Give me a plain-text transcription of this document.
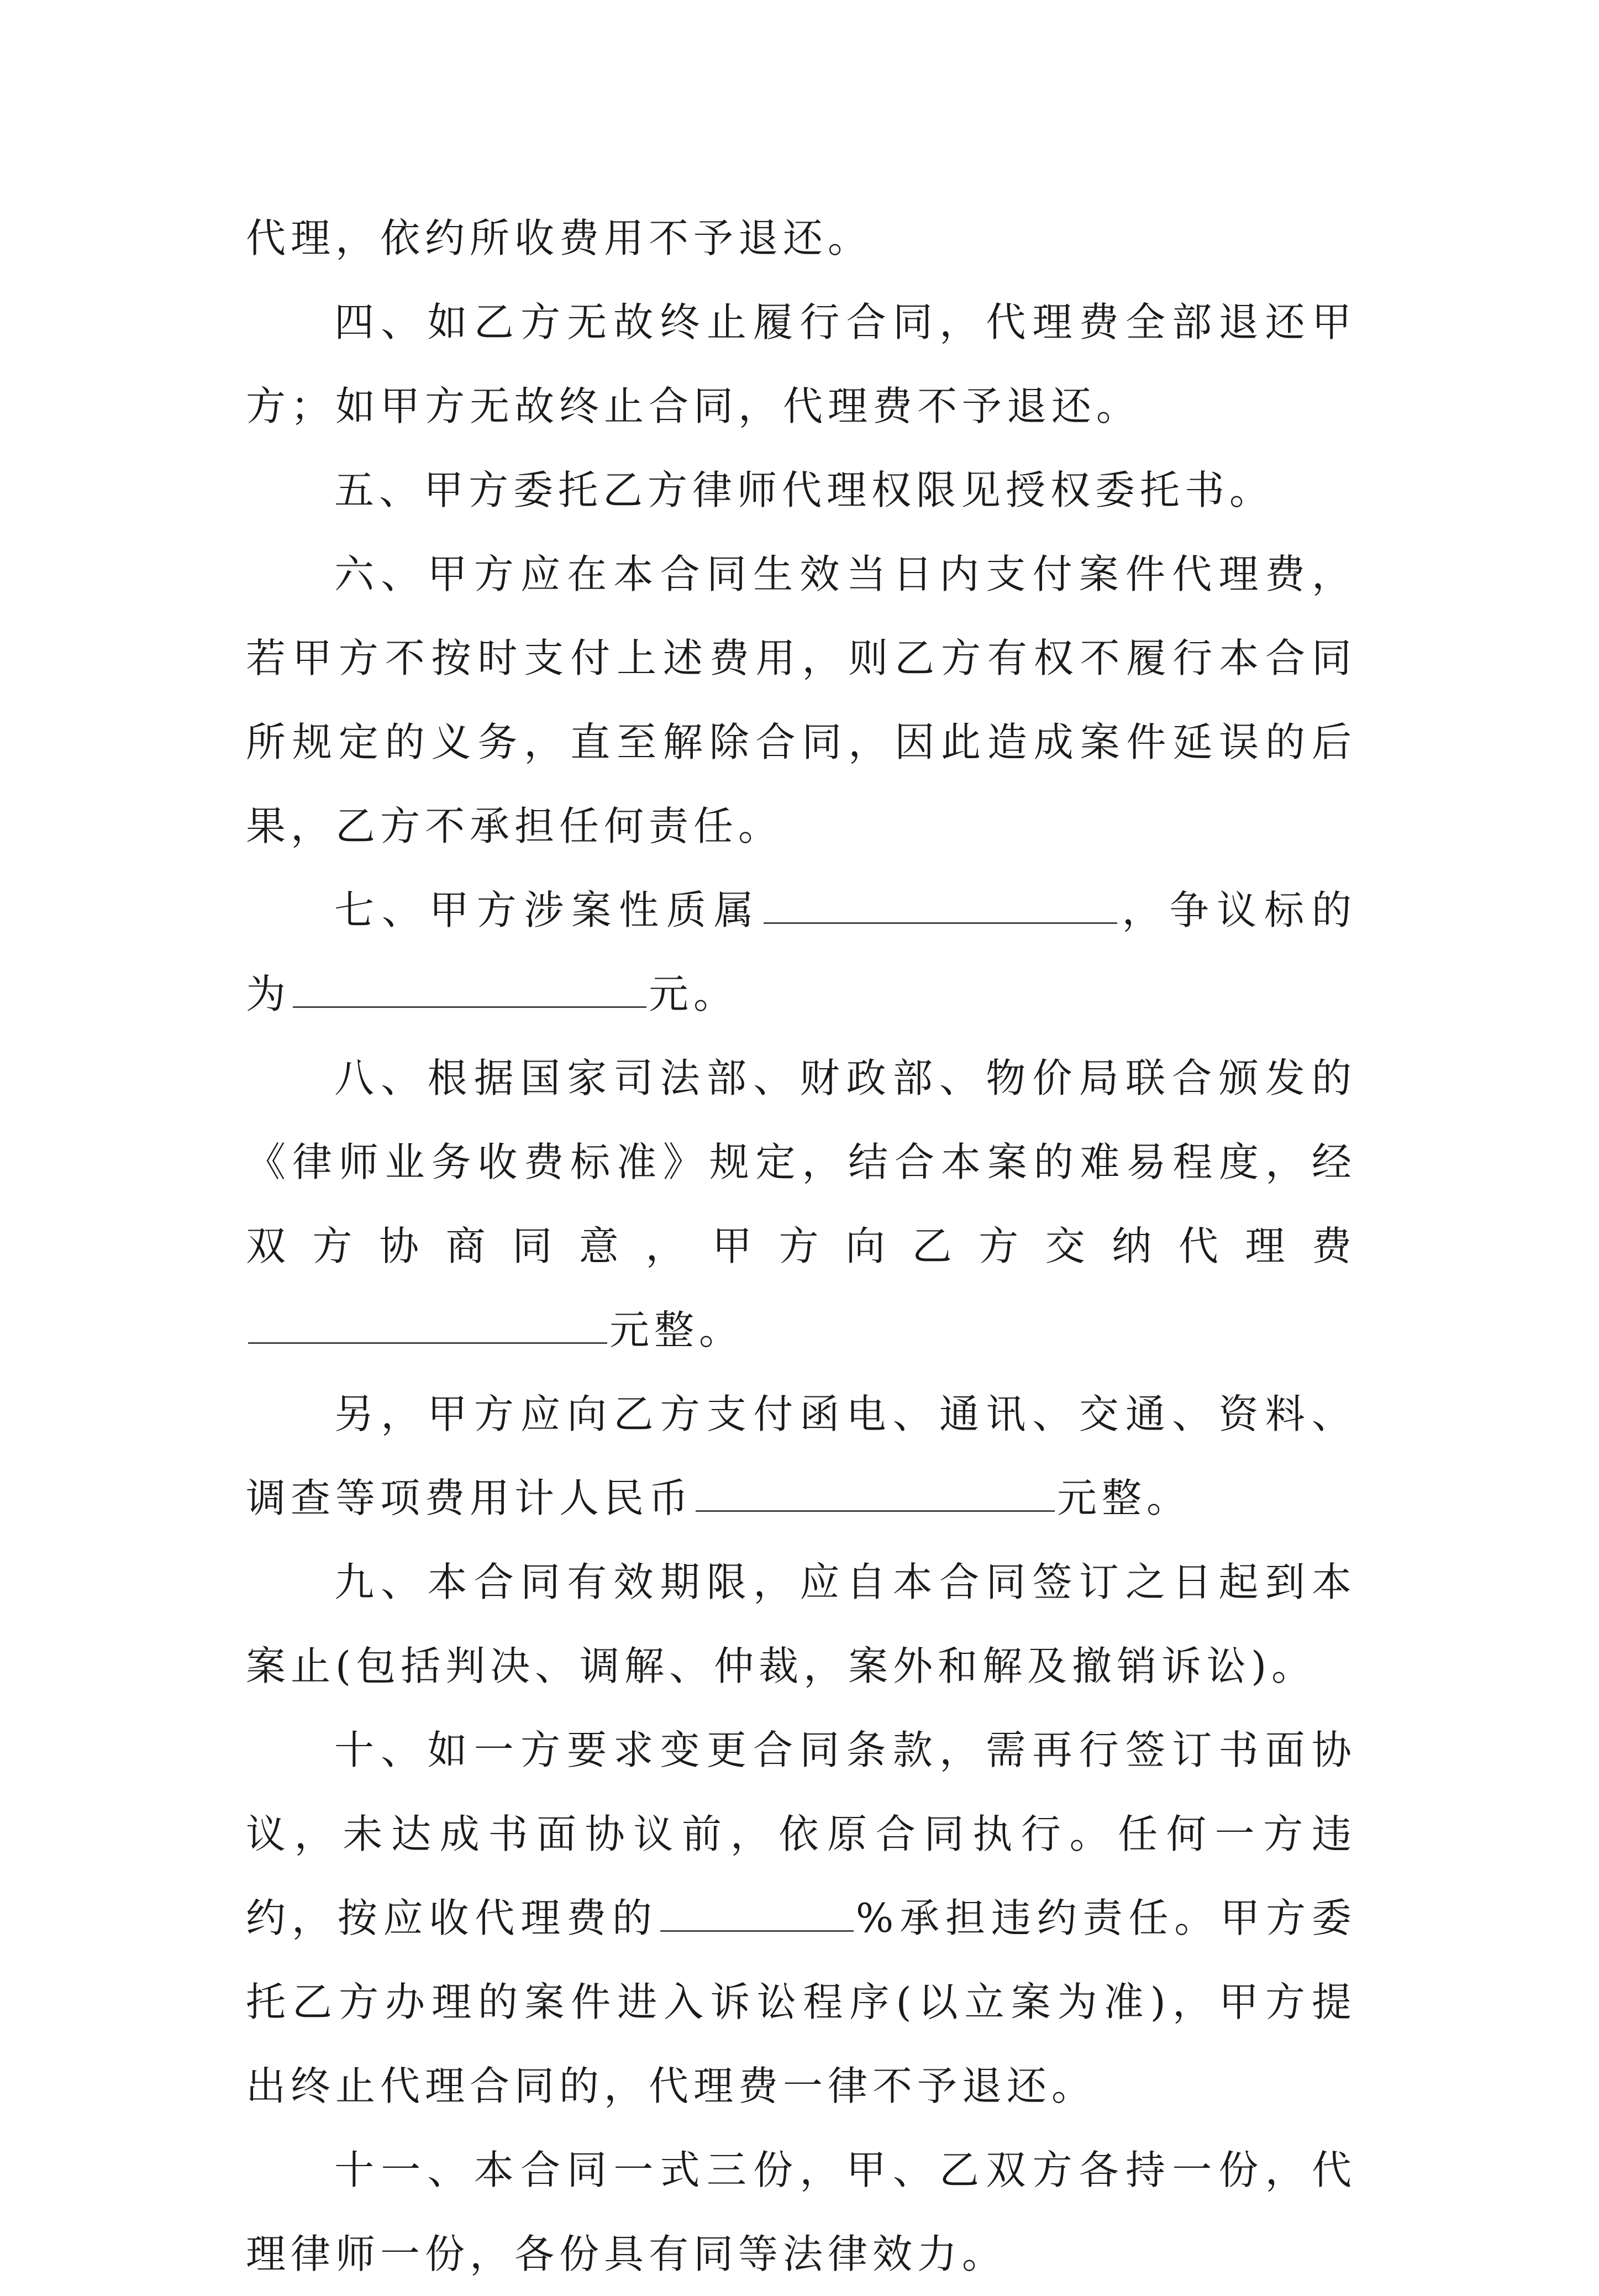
代理，依约所收费用不予退还。

四、如乙方无故终止履行合同，代理费全部退还甲方；如甲方无故终止合同，代理费不予退还。

五、甲方委托乙方律师代理权限见授权委托书。

六、甲方应在本合同生效当日内支付案件代理费，若甲方不按时支付上述费用，则乙方有权不履行本合同所规定的义务，直至解除合同，因此造成案件延误的后果，乙方不承担任何责任。

七、甲方涉案性质属	，争议标的为	元。

八、根据国家司法部、财政部、物价局联合颁发的《律师业务收费标准》规定，结合本案的难易程度，经双方协商同意，甲方向乙方交纳代理费元整。

另，甲方应向乙方支付函电、通讯、交通、资料、调查等项费用计人民币	元整。

九、本合同有效期限，应自本合同签订之日起到本案止(包括判决、调解、仲裁，案外和解及撤销诉讼)。

十、如一方要求变更合同条款，需再行签订书面协议，未达成书面协议前，依原合同执行。任何一方违约，按应收代理费的	%承担违约责任。甲方委托乙方办理的案件进入诉讼程序(以立案为准)，甲方提出终止代理合同的，代理费一律不予退还。

十一、本合同一式三份，甲、乙双方各持一份，代理律师一份，各份具有同等法律效力。
